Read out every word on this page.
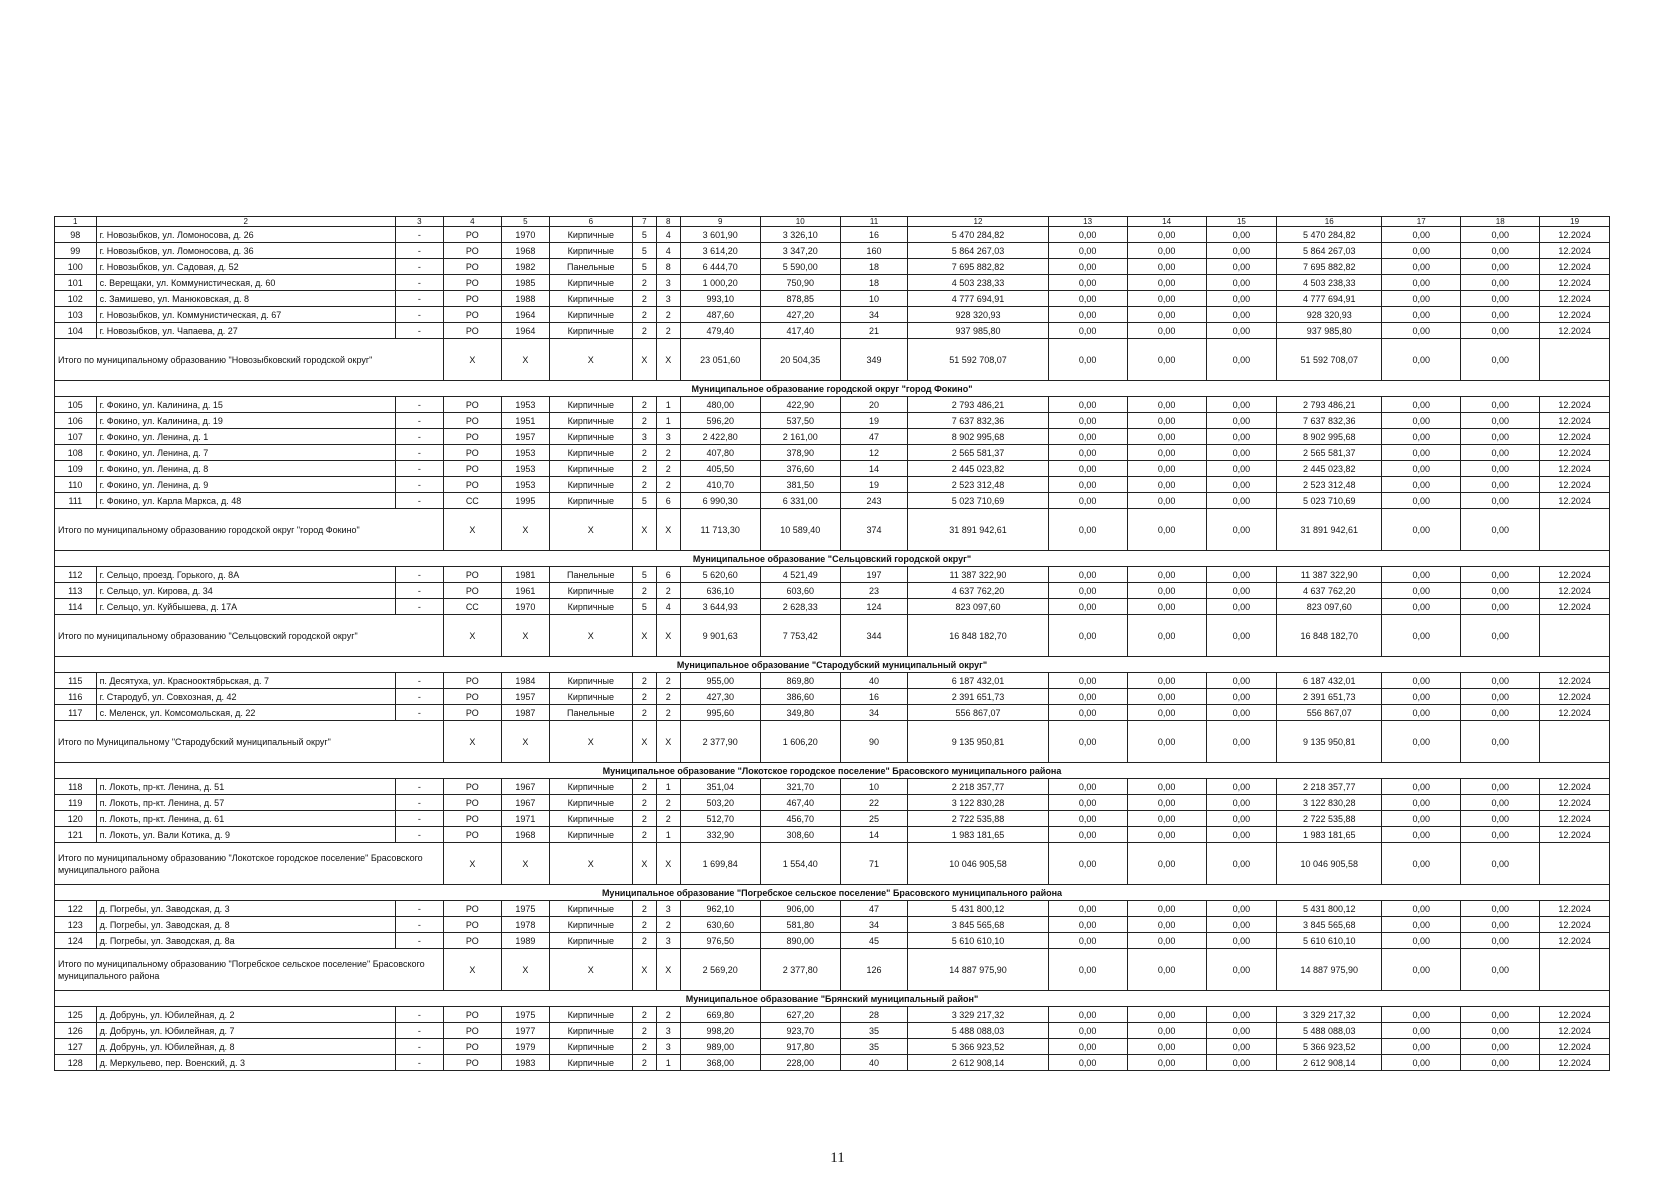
1	2	3	4	5	6	7	8	9	10	11	12	13	14	15	16	17	18	19
98	г. Новозыбков, ул. Ломоносова, д. 26	-	РО	1970	Кирпичные	5	4	3 601,90	3 326,10	16	5 470 284,82	0,00	0,00	0,00	5 470 284,82	0,00	0,00	12.2024
99	г. Новозыбков, ул. Ломоносова, д. 36	-	РО	1968	Кирпичные	5	4	3 614,20	3 347,20	160	5 864 267,03	0,00	0,00	0,00	5 864 267,03	0,00	0,00	12.2024
100	г. Новозыбков, ул. Садовая, д. 52	-	РО	1982	Панельные	5	8	6 444,70	5 590,00	18	7 695 882,82	0,00	0,00	0,00	7 695 882,82	0,00	0,00	12.2024
101	с. Верещаки, ул. Коммунистическая, д. 60	-	РО	1985	Кирпичные	2	3	1 000,20	750,90	18	4 503 238,33	0,00	0,00	0,00	4 503 238,33	0,00	0,00	12.2024
102	с. Замишево, ул. Манюковская, д. 8	-	РО	1988	Кирпичные	2	3	993,10	878,85	10	4 777 694,91	0,00	0,00	0,00	4 777 694,91	0,00	0,00	12.2024
103	г. Новозыбков, ул. Коммунистическая, д. 67	-	РО	1964	Кирпичные	2	2	487,60	427,20	34	928 320,93	0,00	0,00	0,00	928 320,93	0,00	0,00	12.2024
104	г. Новозыбков, ул. Чапаева, д. 27	-	РО	1964	Кирпичные	2	2	479,40	417,40	21	937 985,80	0,00	0,00	0,00	937 985,80	0,00	0,00	12.2024
Итого по муниципальному образованию "Новозыбковский городской округ"			Х	Х	Х	Х	Х	23 051,60	20 504,35	349	51 592 708,07	0,00	0,00	0,00	51 592 708,07	0,00	0,00	
Муниципальное образование городской округ "город Фокино"																		
105	г. Фокино, ул. Калинина, д. 15	-	РО	1953	Кирпичные	2	1	480,00	422,90	20	2 793 486,21	0,00	0,00	0,00	2 793 486,21	0,00	0,00	12.2024
106	г. Фокино, ул. Калинина, д. 19	-	РО	1951	Кирпичные	2	1	596,20	537,50	19	7 637 832,36	0,00	0,00	0,00	7 637 832,36	0,00	0,00	12.2024
107	г. Фокино, ул. Ленина, д. 1	-	РО	1957	Кирпичные	3	3	2 422,80	2 161,00	47	8 902 995,68	0,00	0,00	0,00	8 902 995,68	0,00	0,00	12.2024
108	г. Фокино, ул. Ленина, д. 7	-	РО	1953	Кирпичные	2	2	407,80	378,90	12	2 565 581,37	0,00	0,00	0,00	2 565 581,37	0,00	0,00	12.2024
109	г. Фокино, ул. Ленина, д. 8	-	РО	1953	Кирпичные	2	2	405,50	376,60	14	2 445 023,82	0,00	0,00	0,00	2 445 023,82	0,00	0,00	12.2024
110	г. Фокино, ул. Ленина, д. 9	-	РО	1953	Кирпичные	2	2	410,70	381,50	19	2 523 312,48	0,00	0,00	0,00	2 523 312,48	0,00	0,00	12.2024
111	г. Фокино, ул. Карла Маркса, д. 48	-	СС	1995	Кирпичные	5	6	6 990,30	6 331,00	243	5 023 710,69	0,00	0,00	0,00	5 023 710,69	0,00	0,00	12.2024
Итого по муниципальному образованию городской округ "город Фокино"			Х	Х	Х	Х	Х	11 713,30	10 589,40	374	31 891 942,61	0,00	0,00	0,00	31 891 942,61	0,00	0,00	
Муниципальное образование "Сельцовский городской округ"																		
112	г. Сельцо, проезд. Горького, д. 8А	-	РО	1981	Панельные	5	6	5 620,60	4 521,49	197	11 387 322,90	0,00	0,00	0,00	11 387 322,90	0,00	0,00	12.2024
113	г. Сельцо, ул. Кирова, д. 34	-	РО	1961	Кирпичные	2	2	636,10	603,60	23	4 637 762,20	0,00	0,00	0,00	4 637 762,20	0,00	0,00	12.2024
114	г. Сельцо, ул. Куйбышева, д. 17А	-	СС	1970	Кирпичные	5	4	3 644,93	2 628,33	124	823 097,60	0,00	0,00	0,00	823 097,60	0,00	0,00	12.2024
Итого по муниципальному образованию "Сельцовский городской округ"			Х	Х	Х	Х	Х	9 901,63	7 753,42	344	16 848 182,70	0,00	0,00	0,00	16 848 182,70	0,00	0,00	
Муниципальное образование "Стародубский муниципальный округ"																		
115	п. Десятуха, ул. Краснооктябрьская, д. 7	-	РО	1984	Кирпичные	2	2	955,00	869,80	40	6 187 432,01	0,00	0,00	0,00	6 187 432,01	0,00	0,00	12.2024
116	г. Стародуб, ул. Совхозная, д. 42	-	РО	1957	Кирпичные	2	2	427,30	386,60	16	2 391 651,73	0,00	0,00	0,00	2 391 651,73	0,00	0,00	12.2024
117	с. Меленск, ул. Комсомольская, д. 22	-	РО	1987	Панельные	2	2	995,60	349,80	34	556 867,07	0,00	0,00	0,00	556 867,07	0,00	0,00	12.2024
Итого по Муниципальному "Стародубский муниципальный округ"			Х	Х	Х	Х	Х	2 377,90	1 606,20	90	9 135 950,81	0,00	0,00	0,00	9 135 950,81	0,00	0,00	
Муниципальное образование "Локотское городское поселение" Брасовского муниципального района																		
118	п. Локоть, пр-кт. Ленина, д. 51	-	РО	1967	Кирпичные	2	1	351,04	321,70	10	2 218 357,77	0,00	0,00	0,00	2 218 357,77	0,00	0,00	12.2024
119	п. Локоть, пр-кт. Ленина, д. 57	-	РО	1967	Кирпичные	2	2	503,20	467,40	22	3 122 830,28	0,00	0,00	0,00	3 122 830,28	0,00	0,00	12.2024
120	п. Локоть, пр-кт. Ленина, д. 61	-	РО	1971	Кирпичные	2	2	512,70	456,70	25	2 722 535,88	0,00	0,00	0,00	2 722 535,88	0,00	0,00	12.2024
121	п. Локоть, ул. Вали Котика, д. 9	-	РО	1968	Кирпичные	2	1	332,90	308,60	14	1 983 181,65	0,00	0,00	0,00	1 983 181,65	0,00	0,00	12.2024
Итого по муниципальному образованию "Локотское городское поселение" Брасовского муниципального района			Х	Х	Х	Х	Х	1 699,84	1 554,40	71	10 046 905,58	0,00	0,00	0,00	10 046 905,58	0,00	0,00	
Муниципальное образование "Погребское сельское поселение" Брасовского муниципального района																		
122	д. Погребы, ул. Заводская, д. 3	-	РО	1975	Кирпичные	2	3	962,10	906,00	47	5 431 800,12	0,00	0,00	0,00	5 431 800,12	0,00	0,00	12.2024
123	д. Погребы, ул. Заводская, д. 8	-	РО	1978	Кирпичные	2	2	630,60	581,80	34	3 845 565,68	0,00	0,00	0,00	3 845 565,68	0,00	0,00	12.2024
124	д. Погребы, ул. Заводская, д. 8а	-	РО	1989	Кирпичные	2	3	976,50	890,00	45	5 610 610,10	0,00	0,00	0,00	5 610 610,10	0,00	0,00	12.2024
Итого по муниципальному образованию "Погребское сельское поселение" Брасовского муниципального района			Х	Х	Х	Х	Х	2 569,20	2 377,80	126	14 887 975,90	0,00	0,00	0,00	14 887 975,90	0,00	0,00	
Муниципальное образование "Брянский муниципальный район"																		
125	д. Добрунь, ул. Юбилейная, д. 2	-	РО	1975	Кирпичные	2	2	669,80	627,20	28	3 329 217,32	0,00	0,00	0,00	3 329 217,32	0,00	0,00	12.2024
126	д. Добрунь, ул. Юбилейная, д. 7	-	РО	1977	Кирпичные	2	3	998,20	923,70	35	5 488 088,03	0,00	0,00	0,00	5 488 088,03	0,00	0,00	12.2024
127	д. Добрунь, ул. Юбилейная, д. 8	-	РО	1979	Кирпичные	2	3	989,00	917,80	35	5 366 923,52	0,00	0,00	0,00	5 366 923,52	0,00	0,00	12.2024
128	д. Меркульево, пер. Военский, д. 3	-	РО	1983	Кирпичные	2	1	368,00	228,00	40	2 612 908,14	0,00	0,00	0,00	2 612 908,14	0,00	0,00	12.2024
11
